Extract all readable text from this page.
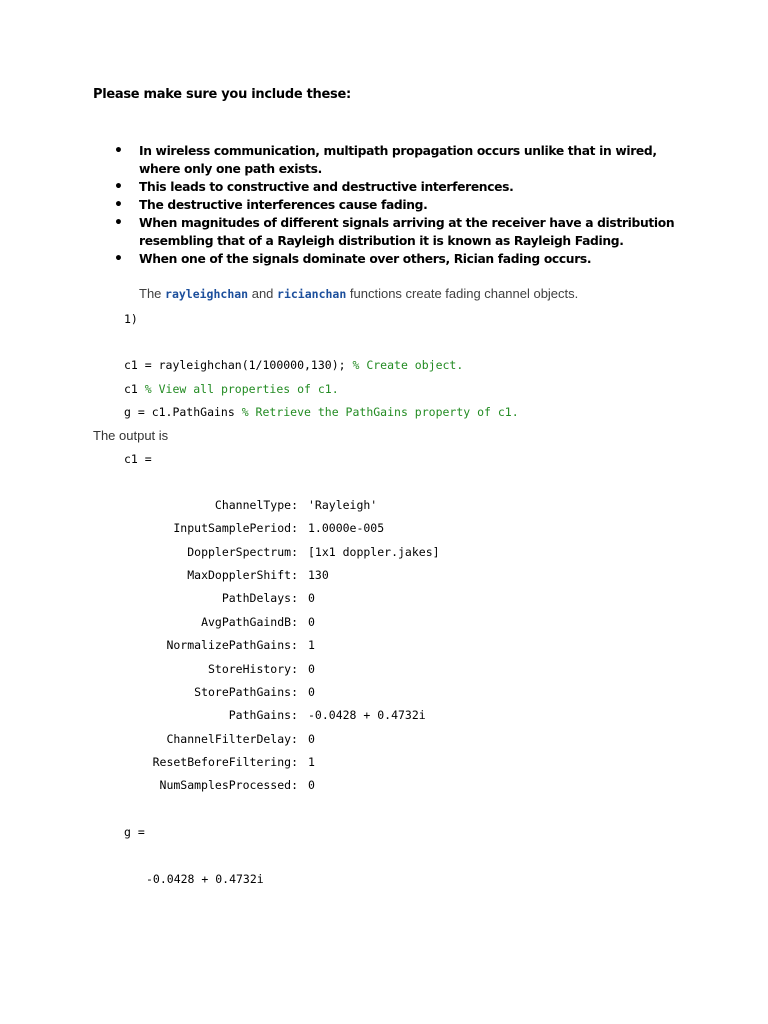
Please make sure you include these:
• In wireless communication, multipath propagation occurs unlike that in wired, where only one path exists.
• This leads to constructive and destructive interferences.
• The destructive interferences cause fading.
• When magnitudes of different signals arriving at the receiver have a distribution resembling that of a Rayleigh distribution it is known as Rayleigh Fading.
• When one of the signals dominate over others, Rician fading occurs.
The rayleighchan and ricianchan functions create fading channel objects.
1)
c1 = rayleighchan(1/100000,130); % Create object.
c1 % View all properties of c1.
g = c1.PathGains % Retrieve the PathGains property of c1.
The output is
c1 =
ChannelType: 'Rayleigh'
InputSamplePeriod: 1.0000e-005
DopplerSpectrum: [1x1 doppler.jakes]
MaxDopplerShift: 130
PathDelays: 0
AvgPathGaindB: 0
NormalizePathGains: 1
StoreHistory: 0
StorePathGains: 0
PathGains: -0.0428 + 0.4732i
ChannelFilterDelay: 0
ResetBeforeFiltering: 1
NumSamplesProcessed: 0
g =
-0.0428 + 0.4732i
